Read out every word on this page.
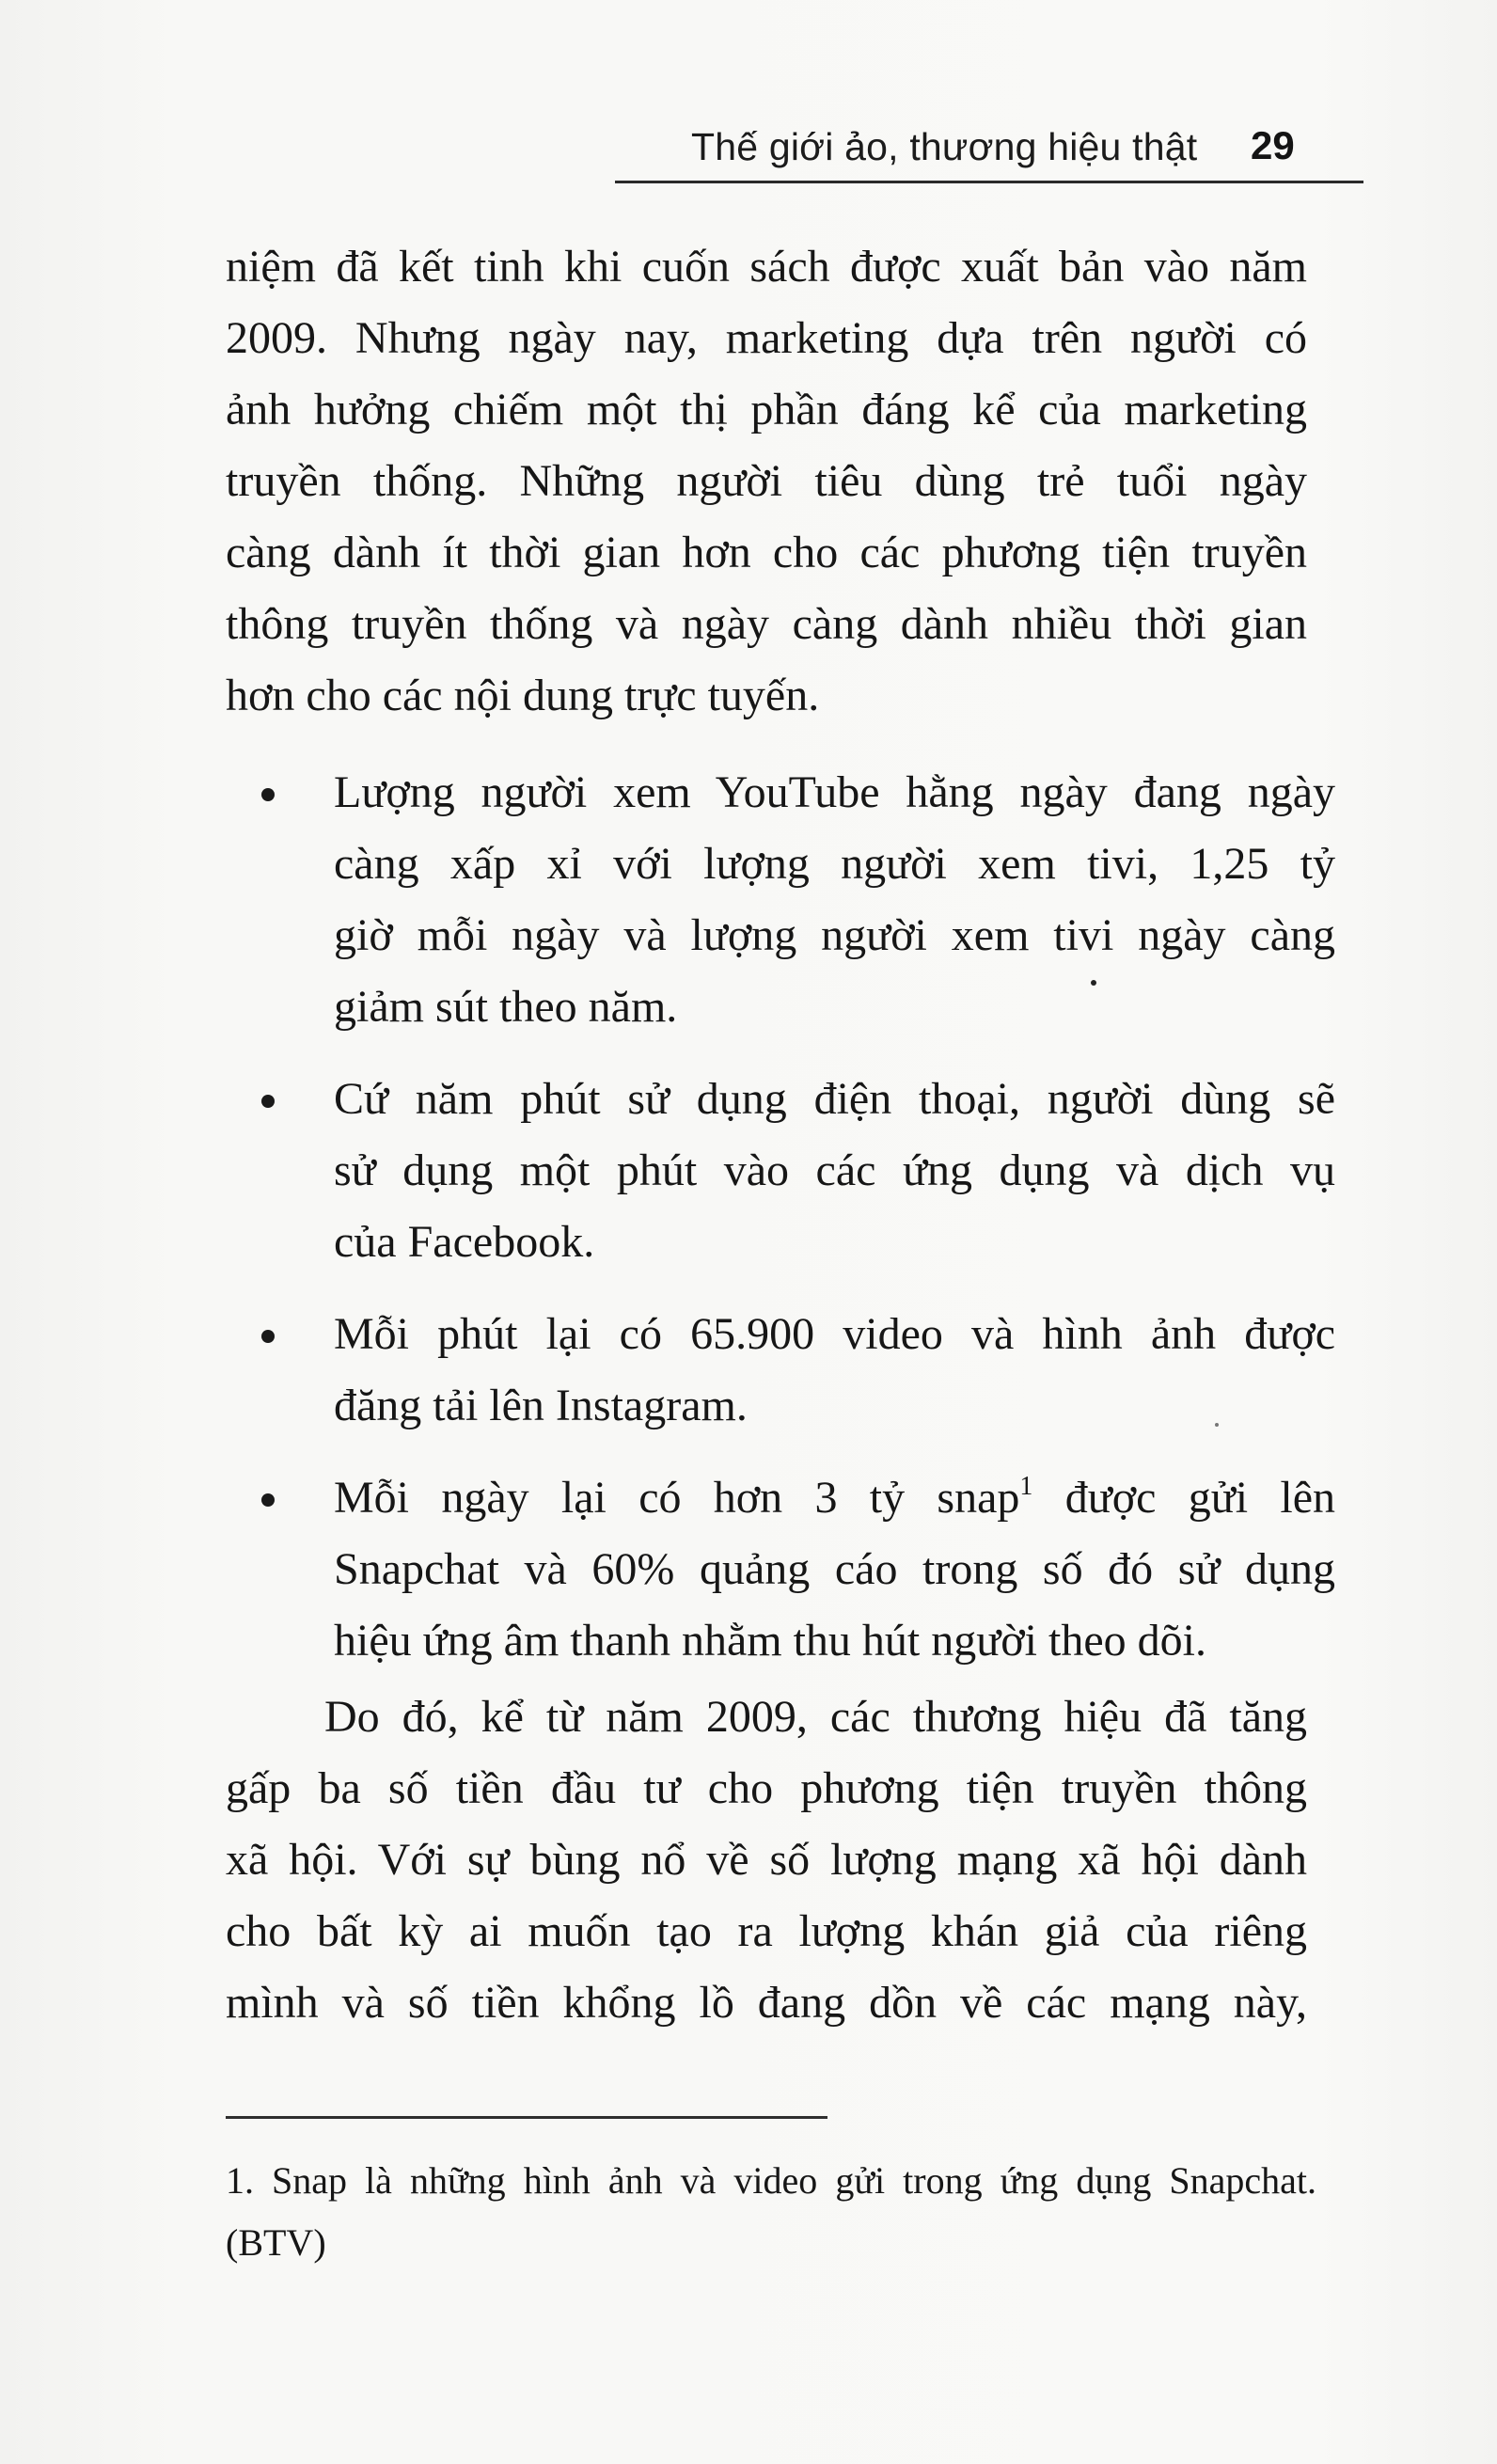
Thế giới ảo, thương hiệu thật 29
niệm đã kết tinh khi cuốn sách được xuất bản vào năm
2009. Nhưng ngày nay, marketing dựa trên người có
ảnh hưởng chiếm một thị phần đáng kể của marketing
truyền thống. Những người tiêu dùng trẻ tuổi ngày
càng dành ít thời gian hơn cho các phương tiện truyền
thông truyền thống và ngày càng dành nhiều thời gian
hơn cho các nội dung trực tuyến.
Lượng người xem YouTube hằng ngày đang ngày
càng xấp xỉ với lượng người xem tivi, 1,25 tỷ
giờ mỗi ngày và lượng người xem tivi ngày càng
giảm sút theo năm.
Cứ năm phút sử dụng điện thoại, người dùng sẽ
sử dụng một phút vào các ứng dụng và dịch vụ
của Facebook.
Mỗi phút lại có 65.900 video và hình ảnh được
đăng tải lên Instagram.
Mỗi ngày lại có hơn 3 tỷ snap$^1$ được gửi lên
Snapchat và 60% quảng cáo trong số đó sử dụng
hiệu ứng âm thanh nhằm thu hút người theo dõi.
Do đó, kể từ năm 2009, các thương hiệu đã tăng
gấp ba số tiền đầu tư cho phương tiện truyền thông
xã hội. Với sự bùng nổ về số lượng mạng xã hội dành
cho bất kỳ ai muốn tạo ra lượng khán giả của riêng
mình và số tiền khổng lồ đang dồn về các mạng này,
1. Snap là những hình ảnh và video gửi trong ứng dụng Snapchat.
(BTV)
